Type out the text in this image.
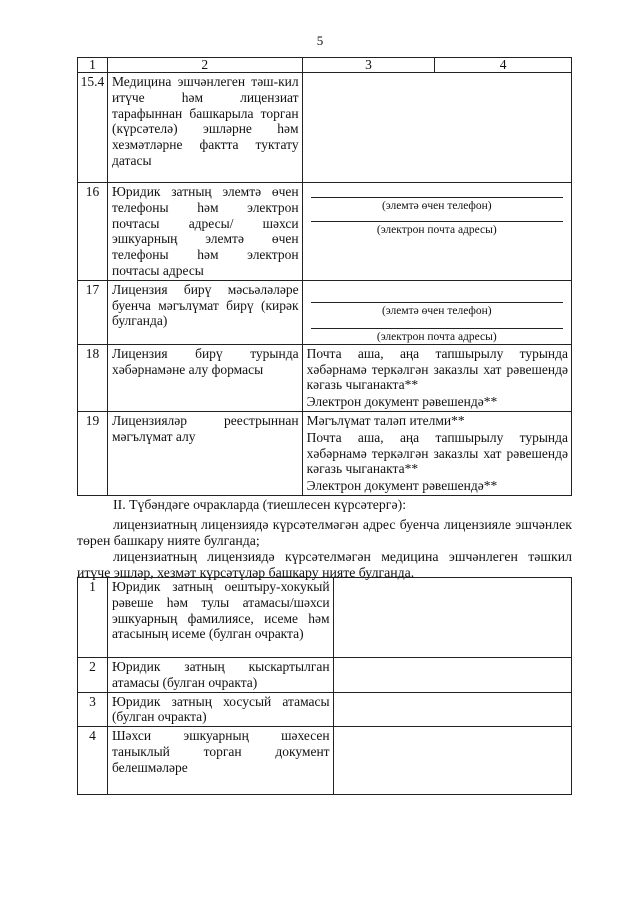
5
1	2	3	4
15.4	Медицина эшчәнлеген тәш-кил итүче һәм лицензиат тарафыннан башкарыла торган (күрсәтелә) эшләрне һәм хезмәтләрне фактта туктату датасы		

16	Юридик затның элемтә өчен телефоны һәм электрон почтасы адресы/ шәхси эшкуарның элемтә өчен телефоны һәм электрон почтасы адресы	(элемтә өчен телефон)
(электрон почта адресы)	

17	Лицензия бирү мәсьәләләре буенча мәгълүмат бирү (кирәк булганда)	(элемтә өчен телефон)
(электрон почта адресы)	

18	Лицензия бирү турында хәбәрнамәне алу формасы	Почта аша, аңа тапшырылу турында хәбәрнамә теркәлгән заказлы хат рәвешендә кәгазь чыганакта**
Электрон документ рәвешендә**	

19	Лицензияләр реестрыннан мәгълүмат алу	Мәгълүмат таләп ителми**
Почта аша, аңа тапшырылу турында хәбәрнамә теркәлгән заказлы хат рәвешендә кәгазь чыганакта**
Электрон документ рәвешендә**	
II. Түбәндәге очракларда (тиешлесен күрсәтергә):
лицензиатның лицензиядә күрсәтелмәгән адрес буенча лицензияле эшчәнлек төрен башкару нияте булганда;
лицензиатның лицензиядә күрсәтелмәгән медицина эшчәнлеген тәшкил итүче эшләр, хезмәт күрсәтүләр башкару нияте булганда.
1	Юридик затның оештыру-хокукый рәвеше һәм тулы атамасы/шәхси эшкуарның фамилиясе, исеме һәм атасының исеме (булган очракта)	

2	Юридик затның кыскартылган атамасы (булган очракта)	

3	Юридик затның хосусый атамасы (булган очракта)	

4	Шәхси эшкуарның шәхесен таныклый торган документ белешмәләре	
